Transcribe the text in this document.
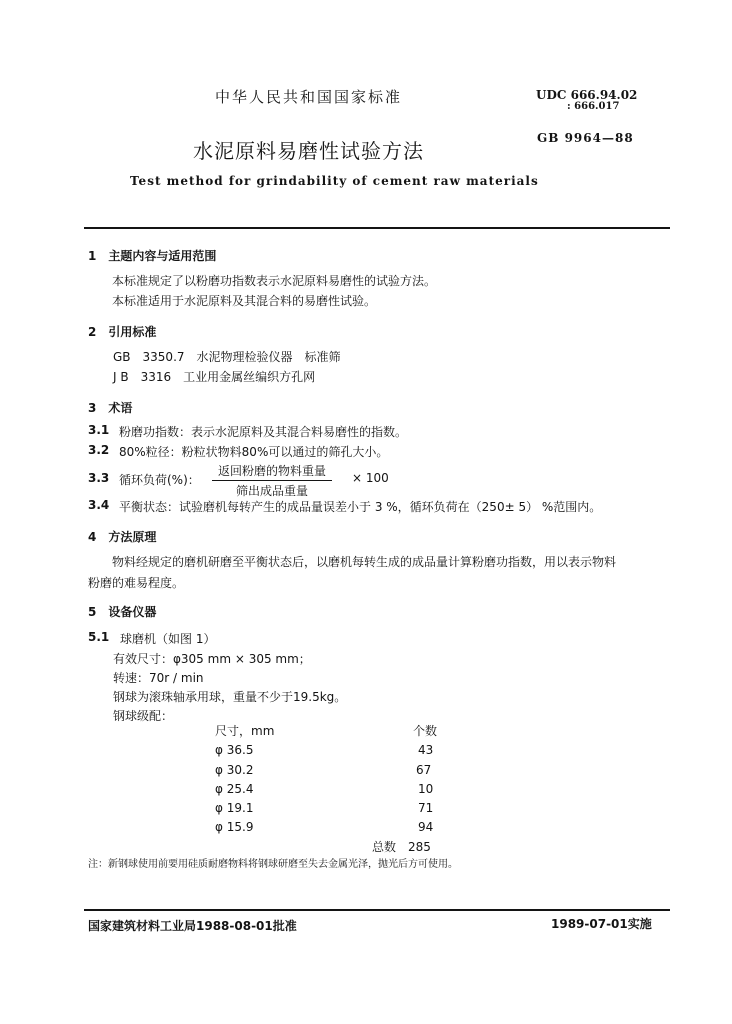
中华人民共和国国家标准	UDC 666.94.02
: 666.017
GB 9964—88
水泥原料易磨性试验方法
Test method for grindability of cement raw materials
1　主题内容与适用范围
本标准规定了以粉磨功指数表示水泥原料易磨性的试验方法。
本标准适用于水泥原料及其混合料的易磨性试验。
2　引用标准
GB　3350.7　水泥物理检验仪器　标准筛
J B　3316　工业用金属丝编织方孔网
3　术语
3.1 粉磨功指数：表示水泥原料及其混合料易磨性的指数。
3.2 80%粒径：粉粒状物料80%可以通过的筛孔大小。
3.3 循环负荷(%)：
返回粉磨的物料重量
筛出成品重量
× 100
3.4 平衡状态：试验磨机每转产生的成品量误差小于 3 %，循环负荷在（250± 5） %范围内。
4　方法原理
物料经规定的磨机研磨至平衡状态后，以磨机每转生成的成品量计算粉磨功指数，用以表示物料
粉磨的难易程度。
5　设备仪器
5.1 球磨机（如图 1）
有效尺寸：φ305 mm × 305 mm；
转速：70r / min
钢球为滚珠轴承用球，重量不少于19.5kg。
钢球级配：
尺寸，mm	个数
φ 36.5	43
φ 30.2	67
φ 25.4	10
φ 19.1	71
φ 15.9	94
总数　285
注：新钢球使用前要用硅质耐磨物料将钢球研磨至失去金属光泽，抛光后方可使用。
国家建筑材料工业局1988-08-01批准	1989-07-01实施
